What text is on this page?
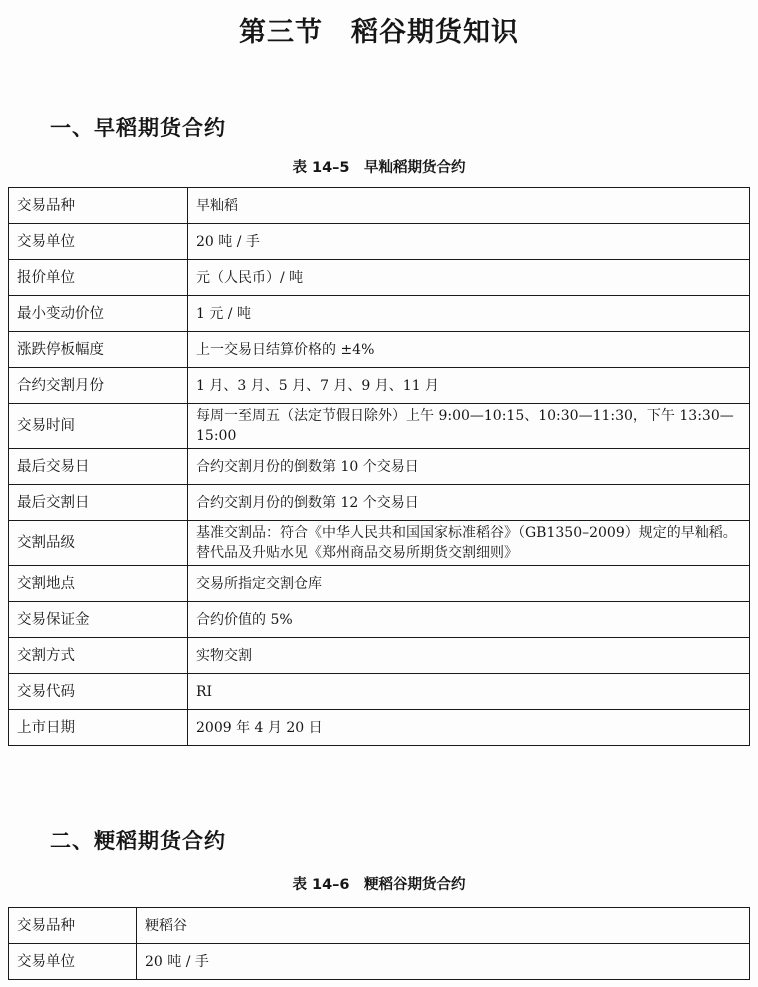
第三节　稻谷期货知识
一、早稻期货合约
表 14–5　早籼稻期货合约
交易品种	早籼稻
交易单位	20 吨 / 手
报价单位	元（人民币）/ 吨
最小变动价位	1 元 / 吨
涨跌停板幅度	上一交易日结算价格的 ±4%
合约交割月份	1 月、3 月、5 月、7 月、9 月、11 月
交易时间	每周一至周五（法定节假日除外）上午 9:00—10:15、10:30—11:30，下午 13:30—15:00
最后交易日	合约交割月份的倒数第 10 个交易日
最后交割日	合约交割月份的倒数第 12 个交易日
交割品级	基准交割品：符合《中华人民共和国国家标准稻谷》（GB1350–2009）规定的早籼稻。替代品及升贴水见《郑州商品交易所期货交割细则》
交割地点	交易所指定交割仓库
交易保证金	合约价值的 5%
交割方式	实物交割
交易代码	RI
上市日期	2009 年 4 月 20 日
二、粳稻期货合约
表 14–6　粳稻谷期货合约
交易品种	粳稻谷
交易单位	20 吨 / 手
